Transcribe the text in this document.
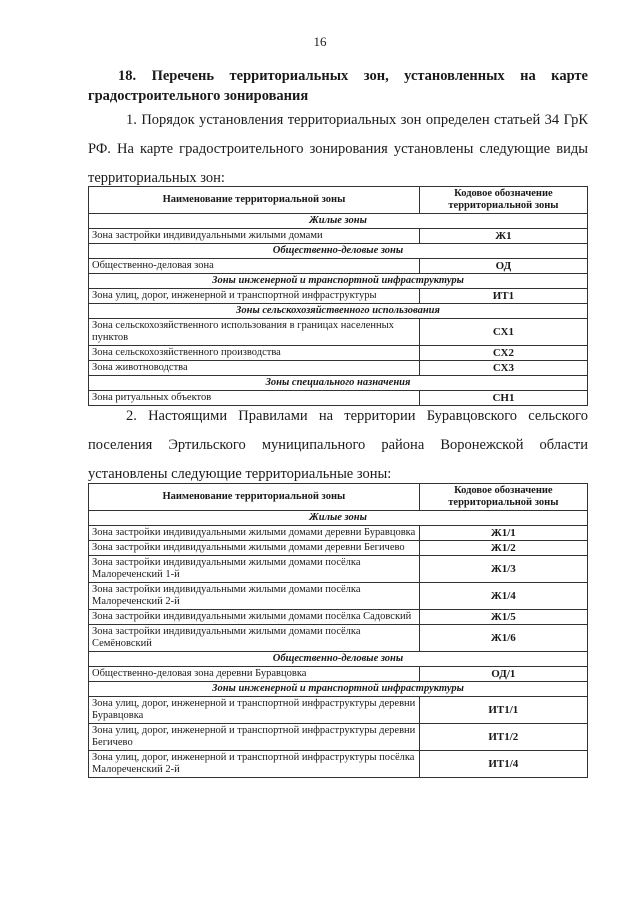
16
18. Перечень территориальных зон, установленных на карте градостроительного зонирования
1. Порядок установления территориальных зон определен статьей 34 ГрК РФ. На карте градостроительного зонирования установлены следующие виды территориальных зон:
Наименование территориальной зоны	Кодовое обозначение территориальной зоны
Жилые зоны	
Зона застройки индивидуальными жилыми домами	Ж1
Общественно-деловые зоны	
Общественно-деловая зона	ОД
Зоны инженерной и транспортной инфраструктуры	
Зона улиц, дорог, инженерной и транспортной инфраструктуры	ИТ1
Зоны сельскохозяйственного использования	
Зона сельскохозяйственного использования в границах населенных пунктов	СХ1
Зона сельскохозяйственного производства	СХ2
Зона животноводства	СХ3
Зоны специального назначения	
Зона ритуальных объектов	СН1
2. Настоящими Правилами на территории Буравцовского сельского поселения Эртильского муниципального района Воронежской области установлены следующие территориальные зоны:
Наименование территориальной зоны	Кодовое обозначение территориальной зоны
Жилые зоны	
Зона застройки индивидуальными жилыми домами деревни Буравцовка	Ж1/1
Зона застройки индивидуальными жилыми домами деревни Бегичево	Ж1/2
Зона застройки индивидуальными жилыми домами посёлка Малореченский 1-й	Ж1/3
Зона застройки индивидуальными жилыми домами посёлка Малореченский 2-й	Ж1/4
Зона застройки индивидуальными жилыми домами посёлка Садовский	Ж1/5
Зона застройки индивидуальными жилыми домами посёлка Семёновский	Ж1/6
Общественно-деловые зоны	
Общественно-деловая зона деревни Буравцовка	ОД/1
Зоны инженерной и транспортной инфраструктуры	
Зона улиц, дорог, инженерной и транспортной инфраструктуры деревни Буравцовка	ИТ1/1
Зона улиц, дорог, инженерной и транспортной инфраструктуры деревни Бегичево	ИТ1/2
Зона улиц, дорог, инженерной и транспортной инфраструктуры посёлка Малореченский 2-й	ИТ1/4
